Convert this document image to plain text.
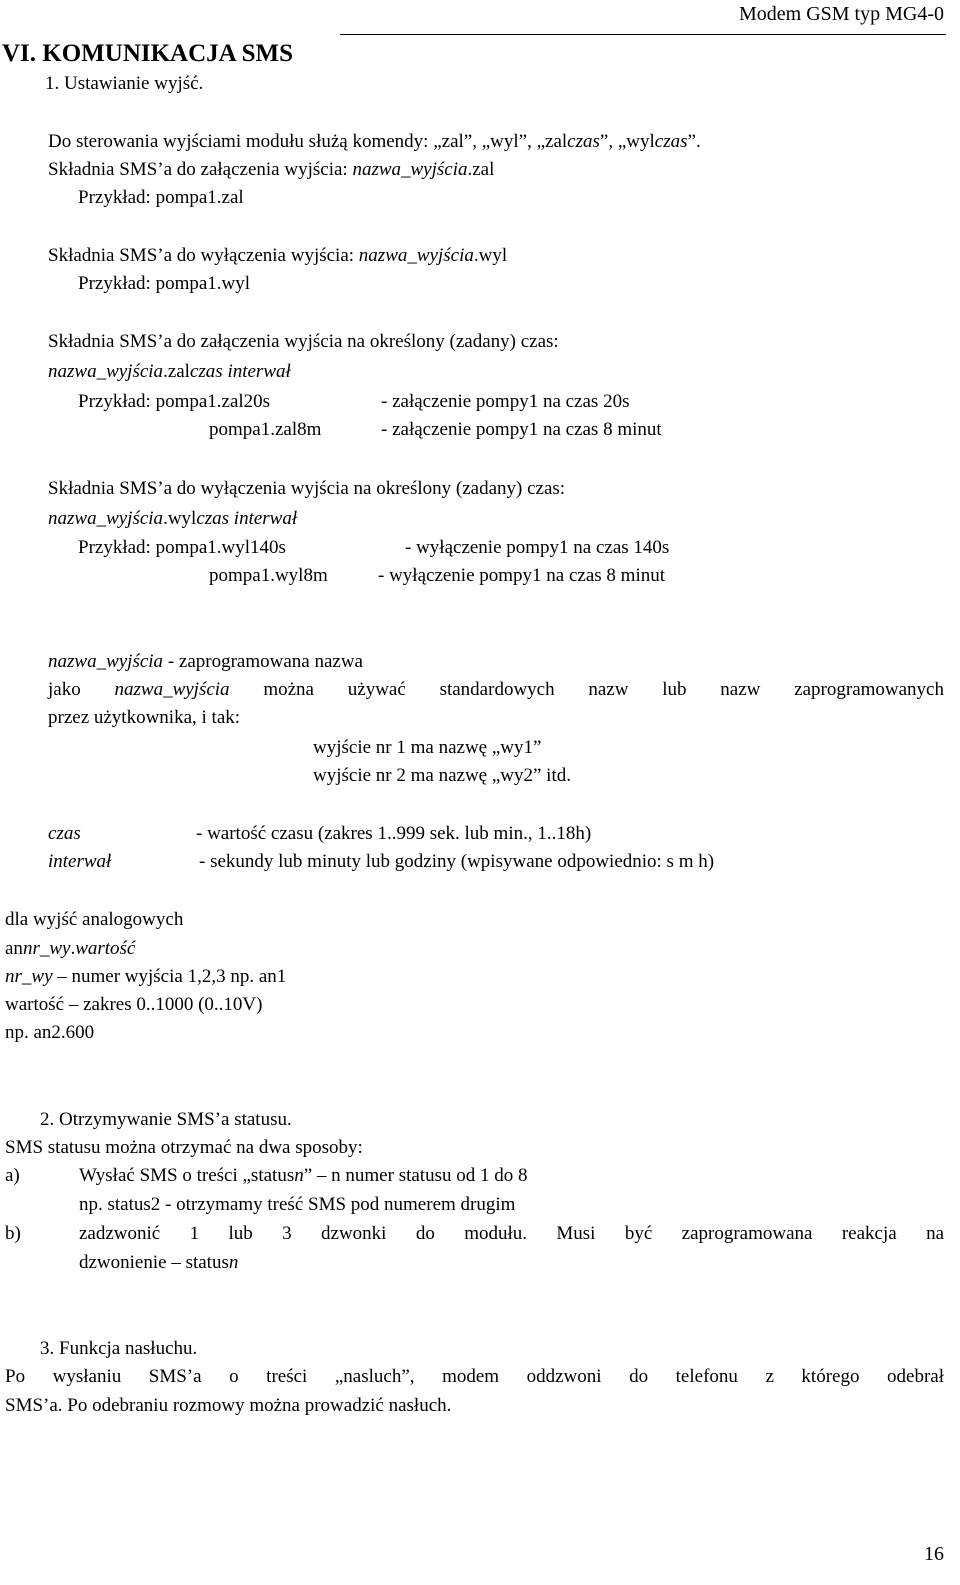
Modem GSM typ MG4-0
VI. KOMUNIKACJA SMS
1. Ustawianie wyjść.
Do sterowania wyjściami modułu służą komendy: „zal”, „wyl”, „zalczas”, „wylczas”.
Składnia SMS’a do załączenia wyjścia: nazwa_wyjścia.zal
Przykład: pompa1.zal
Składnia SMS’a do wyłączenia wyjścia: nazwa_wyjścia.wyl
Przykład: pompa1.wyl
Składnia SMS’a do załączenia wyjścia na określony (zadany) czas:
nazwa_wyjścia.zalczas interwał
Przykład: pompa1.zal20s	- załączenie pompy1 na czas 20s
pompa1.zal8m	- załączenie pompy1 na czas 8 minut
Składnia SMS’a do wyłączenia wyjścia na określony (zadany) czas:
nazwa_wyjścia.wylczas interwał
Przykład: pompa1.wyl140s	- wyłączenie pompy1 na czas 140s
pompa1.wyl8m	- wyłączenie pompy1 na czas 8 minut
nazwa_wyjścia - zaprogramowana nazwa
jako nazwa_wyjścia można używać standardowych nazw lub nazw zaprogramowanych
przez użytkownika, i tak:
wyjście nr 1 ma nazwę „wy1”
wyjście nr 2 ma nazwę „wy2” itd.
czas	- wartość czasu (zakres 1..999 sek. lub min., 1..18h)
interwał	- sekundy lub minuty lub godziny (wpisywane odpowiednio: s m h)
dla wyjść analogowych
annr_wy.wartość
nr_wy – numer wyjścia 1,2,3 np. an1
wartość – zakres 0..1000 (0..10V)
np. an2.600
2. Otrzymywanie SMS’a statusu.
SMS statusu można otrzymać na dwa sposoby:
a)	Wysłać SMS o treści „statusn” – n numer statusu od 1 do 8
np. status2 - otrzymamy treść SMS pod numerem drugim
b)	zadzwonić 1 lub 3 dzwonki do modułu. Musi być zaprogramowana reakcja na
dzwonienie – statusn
3. Funkcja nasłuchu.
Po wysłaniu SMS’a o treści „nasluch”, modem oddzwoni do telefonu z którego odebrał
SMS’a. Po odebraniu rozmowy można prowadzić nasłuch.
16
